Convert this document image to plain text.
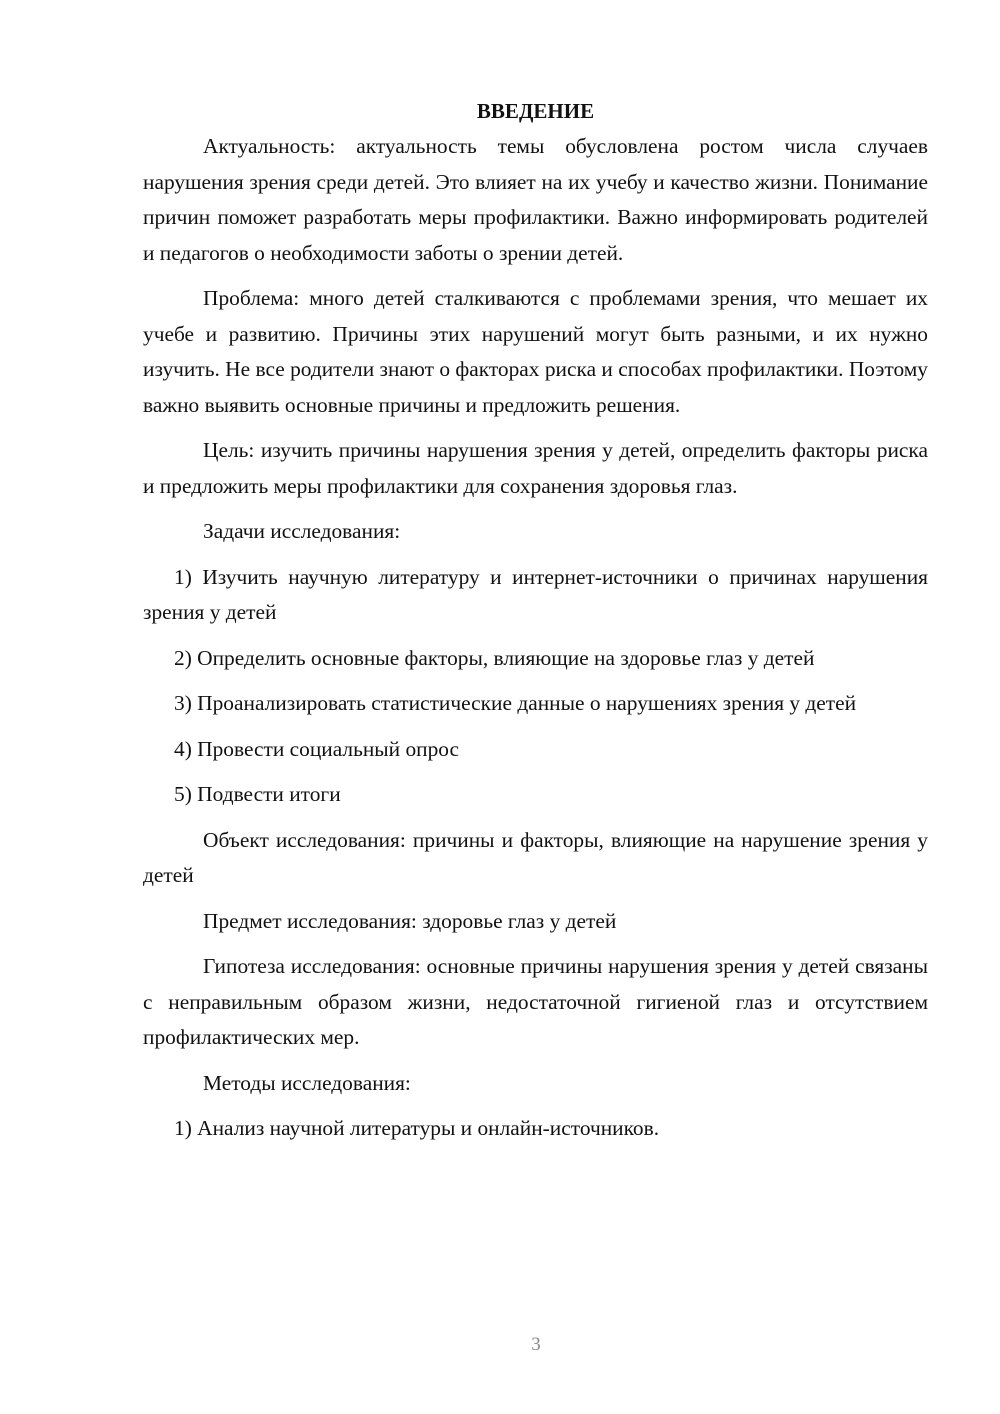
ВВЕДЕНИЕ

Актуальность: актуальность темы обусловлена ростом числа случаев нарушения зрения среди детей. Это влияет на их учебу и качество жизни. Понимание причин поможет разработать меры профилактики. Важно информировать родителей и педагогов о необходимости заботы о зрении детей.

Проблема: много детей сталкиваются с проблемами зрения, что мешает их учебе и развитию. Причины этих нарушений могут быть разными, и их нужно изучить. Не все родители знают о факторах риска и способах профилактики. Поэтому важно выявить основные причины и предложить решения.

Цель: изучить причины нарушения зрения у детей, определить факторы риска и предложить меры профилактики для сохранения здоровья глаз.

Задачи исследования:

1) Изучить научную литературу и интернет-источники о причинах нарушения зрения у детей

2) Определить основные факторы, влияющие на здоровье глаз у детей

3) Проанализировать статистические данные о нарушениях зрения у детей

4) Провести социальный опрос

5) Подвести итоги

Объект исследования: причины и факторы, влияющие на нарушение зрения у детей

Предмет исследования: здоровье глаз у детей

Гипотеза исследования: основные причины нарушения зрения у детей связаны с неправильным образом жизни, недостаточной гигиеной глаз и отсутствием профилактических мер.

Методы исследования:

1) Анализ научной литературы и онлайн-источников.

3
